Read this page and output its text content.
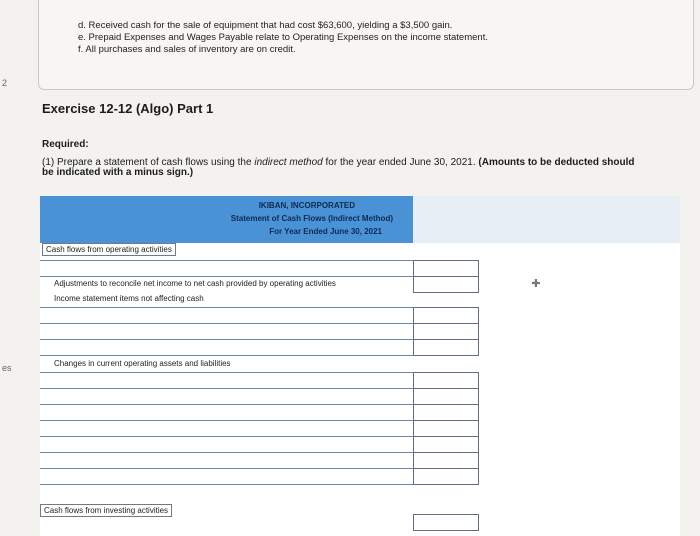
d. Received cash for the sale of equipment that had cost $63,600, yielding a $3,500 gain.
e. Prepaid Expenses and Wages Payable relate to Operating Expenses on the income statement.
f. All purchases and sales of inventory are on credit.
2
es
Exercise 12-12 (Algo) Part 1
Required:
(1) Prepare a statement of cash flows using the indirect method for the year ended June 30, 2021. (Amounts to be deducted should
be indicated with a minus sign.)
IKIBAN, INCORPORATED
Statement of Cash Flows (Indirect Method)
For Year Ended June 30, 2021
Cash flows from operating activities
Adjustments to reconcile net income to net cash provided by operating activities
Income statement items not affecting cash
Changes in current operating assets and liabilities
Cash flows from investing activities
✚
